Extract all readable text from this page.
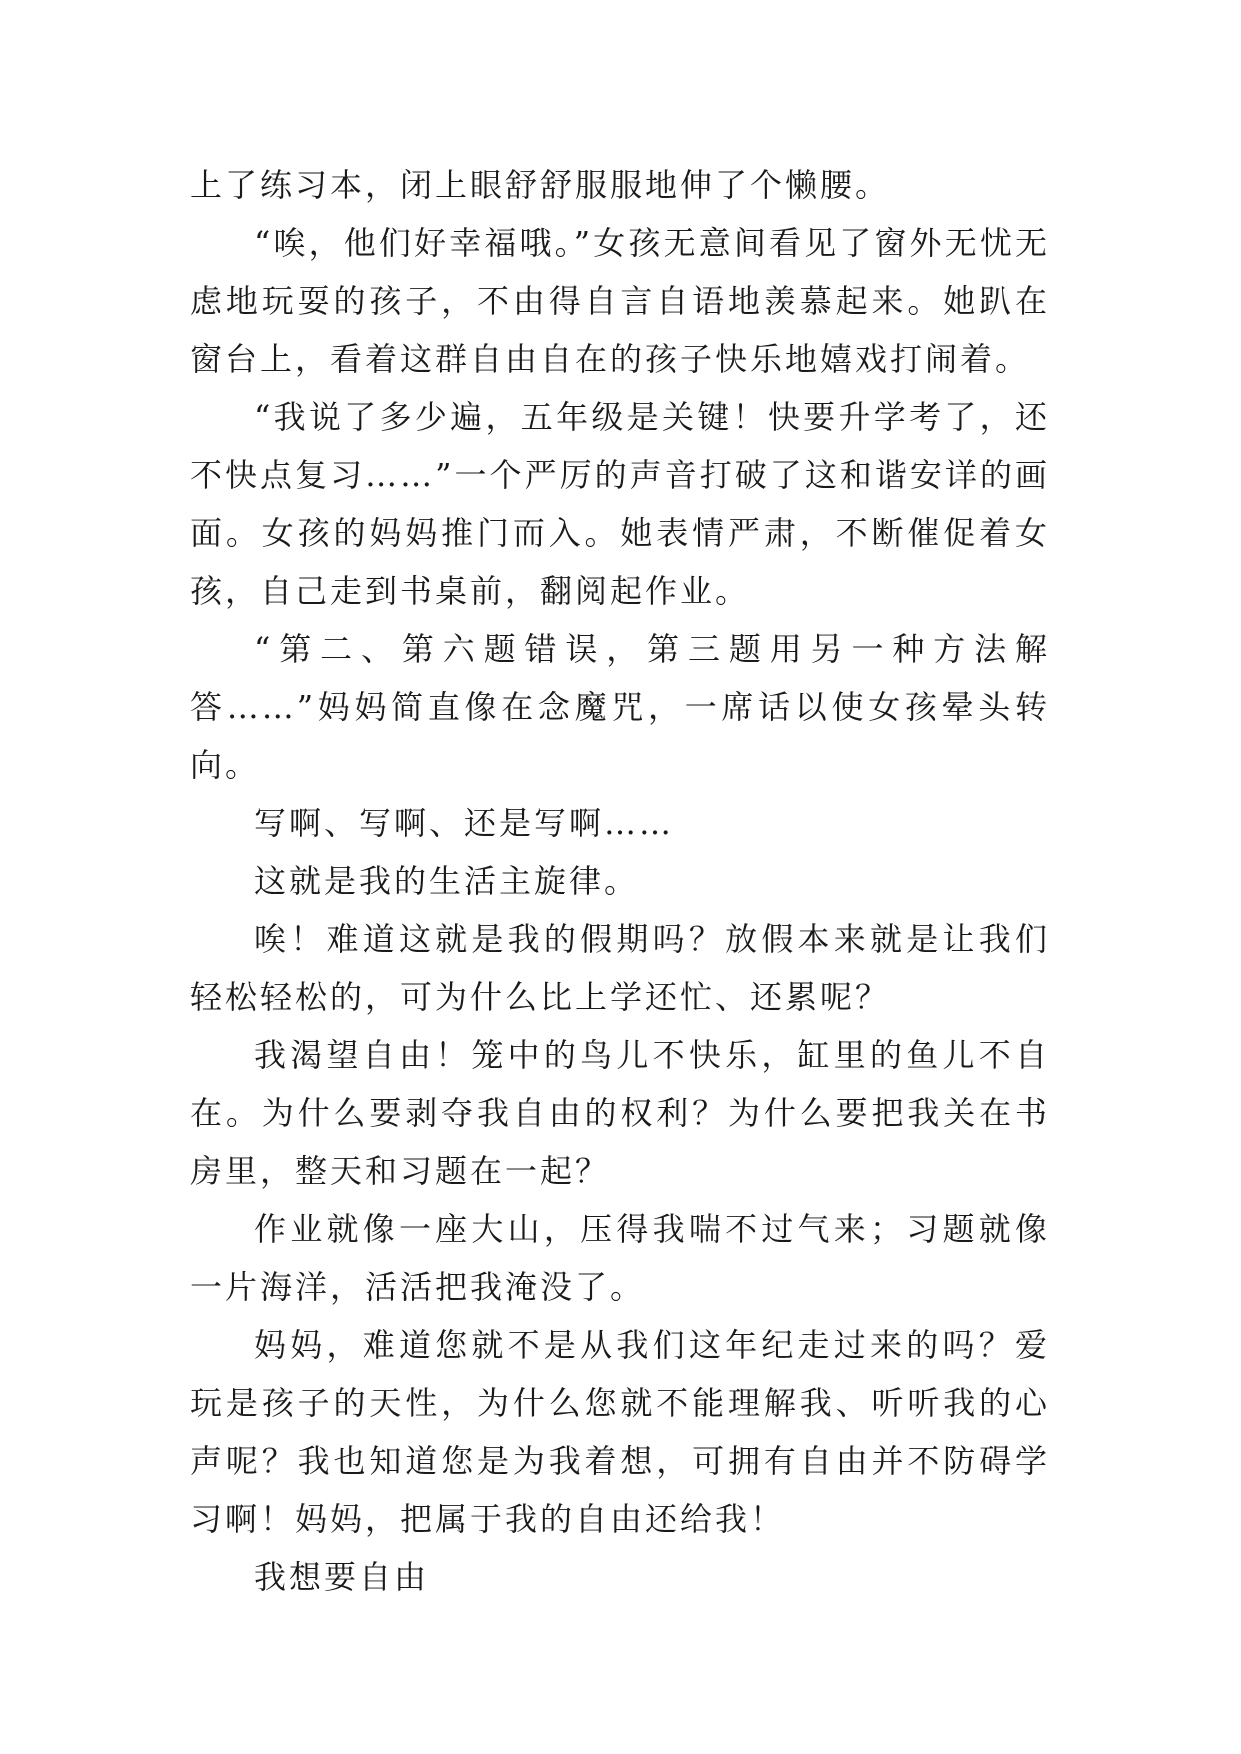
上了练习本，闭上眼舒舒服服地伸了个懒腰。

“唉，他们好幸福哦。”女孩无意间看见了窗外无忧无虑地玩耍的孩子，不由得自言自语地羡慕起来。她趴在窗台上，看着这群自由自在的孩子快乐地嬉戏打闹着。

“我说了多少遍，五年级是关键！快要升学考了，还不快点复习……”一个严厉的声音打破了这和谐安详的画面。女孩的妈妈推门而入。她表情严肃，不断催促着女孩，自己走到书桌前，翻阅起作业。

“第二、第六题错误，第三题用另一种方法解答……”妈妈简直像在念魔咒，一席话以使女孩晕头转向。

写啊、写啊、还是写啊……

这就是我的生活主旋律。

唉！难道这就是我的假期吗？放假本来就是让我们轻松轻松的，可为什么比上学还忙、还累呢？

我渴望自由！笼中的鸟儿不快乐，缸里的鱼儿不自在。为什么要剥夺我自由的权利？为什么要把我关在书房里，整天和习题在一起？

作业就像一座大山，压得我喘不过气来；习题就像一片海洋，活活把我淹没了。

妈妈，难道您就不是从我们这年纪走过来的吗？爱玩是孩子的天性，为什么您就不能理解我、听听我的心声呢？我也知道您是为我着想，可拥有自由并不防碍学习啊！妈妈，把属于我的自由还给我！

我想要自由
